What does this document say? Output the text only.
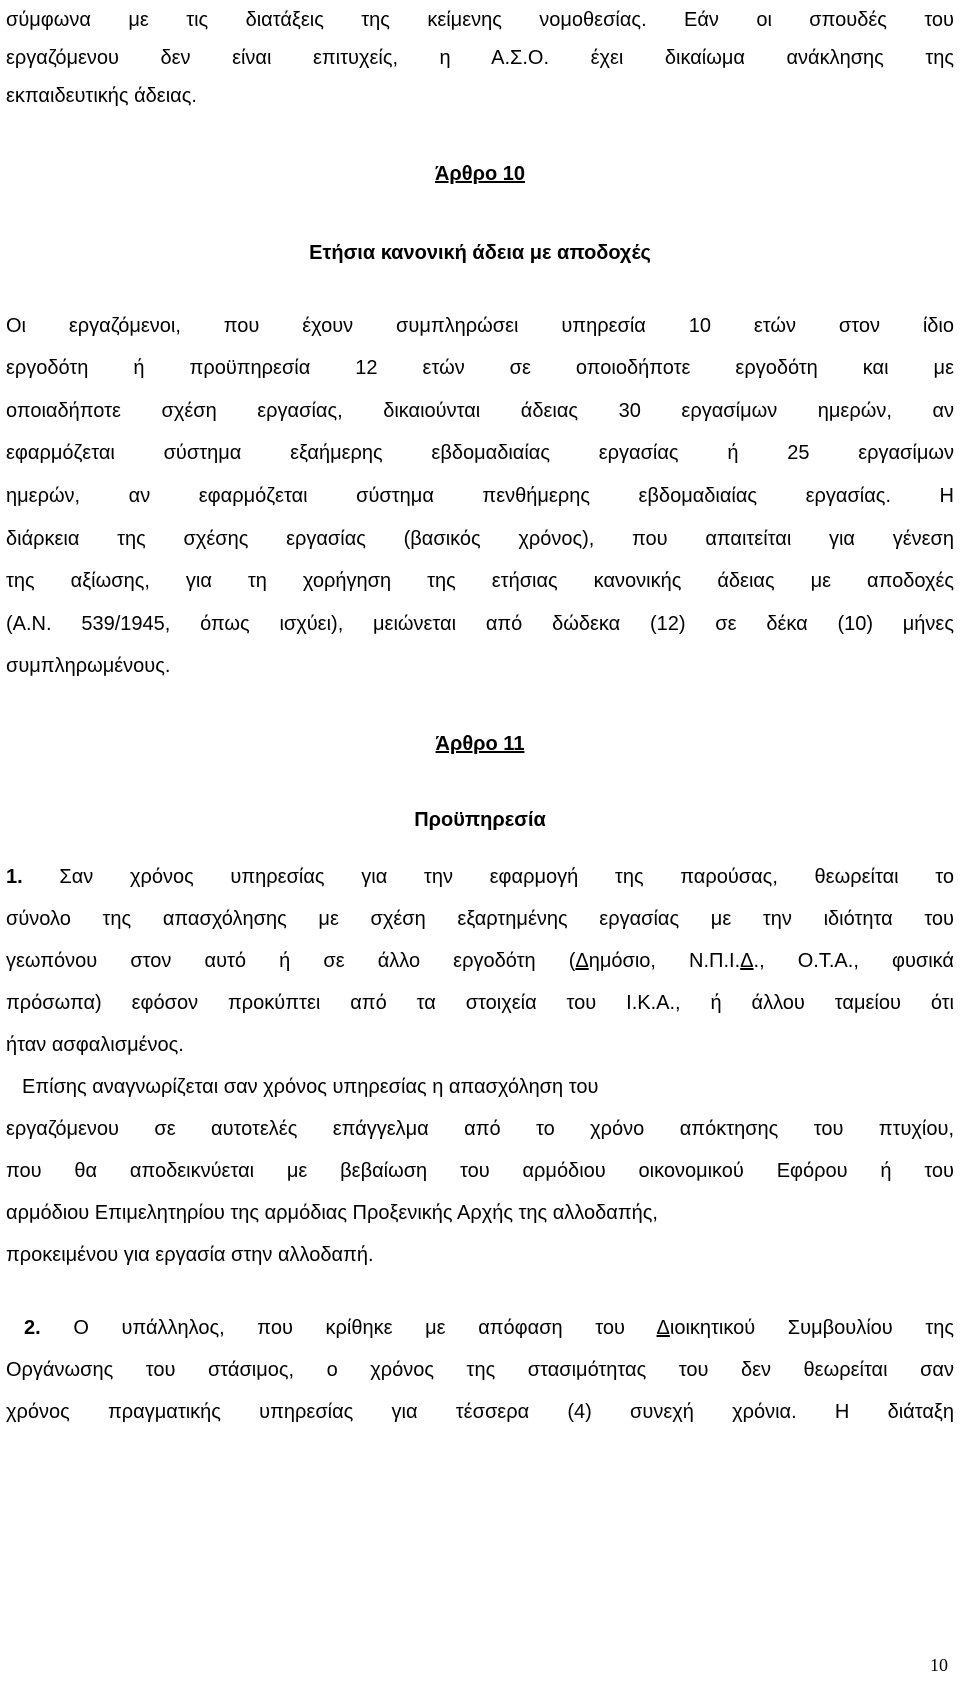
σύμφωνα με τις διατάξεις της κείμενης νομοθεσίας. Εάν οι σπουδές του
εργαζόμενου δεν είναι επιτυχείς, η Α.Σ.Ο. έχει δικαίωμα ανάκλησης της
εκπαιδευτικής άδειας.
Άρθρο 10
Ετήσια κανονική άδεια με αποδοχές
Οι εργαζόμενοι, που έχουν συμπληρώσει υπηρεσία 10 ετών στον ίδιο
εργοδότη ή προϋπηρεσία 12 ετών σε οποιοδήποτε εργοδότη και με
οποιαδήποτε σχέση εργασίας, δικαιούνται άδειας 30 εργασίμων ημερών, αν
εφαρμόζεται σύστημα εξαήμερης εβδομαδιαίας εργασίας ή 25 εργασίμων
ημερών, αν εφαρμόζεται σύστημα πενθήμερης εβδομαδιαίας εργασίας. Η
διάρκεια της σχέσης εργασίας (βασικός χρόνος), που απαιτείται για γένεση
της αξίωσης, για τη χορήγηση της ετήσιας κανονικής άδειας με αποδοχές
(Α.Ν. 539/1945, όπως ισχύει), μειώνεται από δώδεκα (12) σε δέκα (10) μήνες
συμπληρωμένους.
Άρθρο 11
Προϋπηρεσία
1. Σαν χρόνος υπηρεσίας για την εφαρμογή της παρούσας, θεωρείται το
σύνολο της απασχόλησης με σχέση εξαρτημένης εργασίας με την ιδιότητα του
γεωπόνου στον αυτό ή σε άλλο εργοδότη (Δημόσιο, Ν.Π.Ι.Δ., Ο.Τ.Α., φυσικά
πρόσωπα) εφόσον προκύπτει από τα στοιχεία του Ι.Κ.Α., ή άλλου ταμείου ότι
ήταν ασφαλισμένος.
Επίσης αναγνωρίζεται σαν χρόνος υπηρεσίας η απασχόληση του
εργαζόμενου σε αυτοτελές επάγγελμα από το χρόνο απόκτησης του πτυχίου,
που θα αποδεικνύεται με βεβαίωση του αρμόδιου οικονομικού Εφόρου ή του
αρμόδιου Επιμελητηρίου της αρμόδιας Προξενικής Αρχής της αλλοδαπής,
προκειμένου για εργασία στην αλλοδαπή.
2. Ο υπάλληλος, που κρίθηκε με απόφαση του Διοικητικού Συμβουλίου της
Οργάνωσης του στάσιμος, ο χρόνος της στασιμότητας του δεν θεωρείται σαν
χρόνος πραγματικής υπηρεσίας για τέσσερα (4) συνεχή χρόνια. Η διάταξη
10
